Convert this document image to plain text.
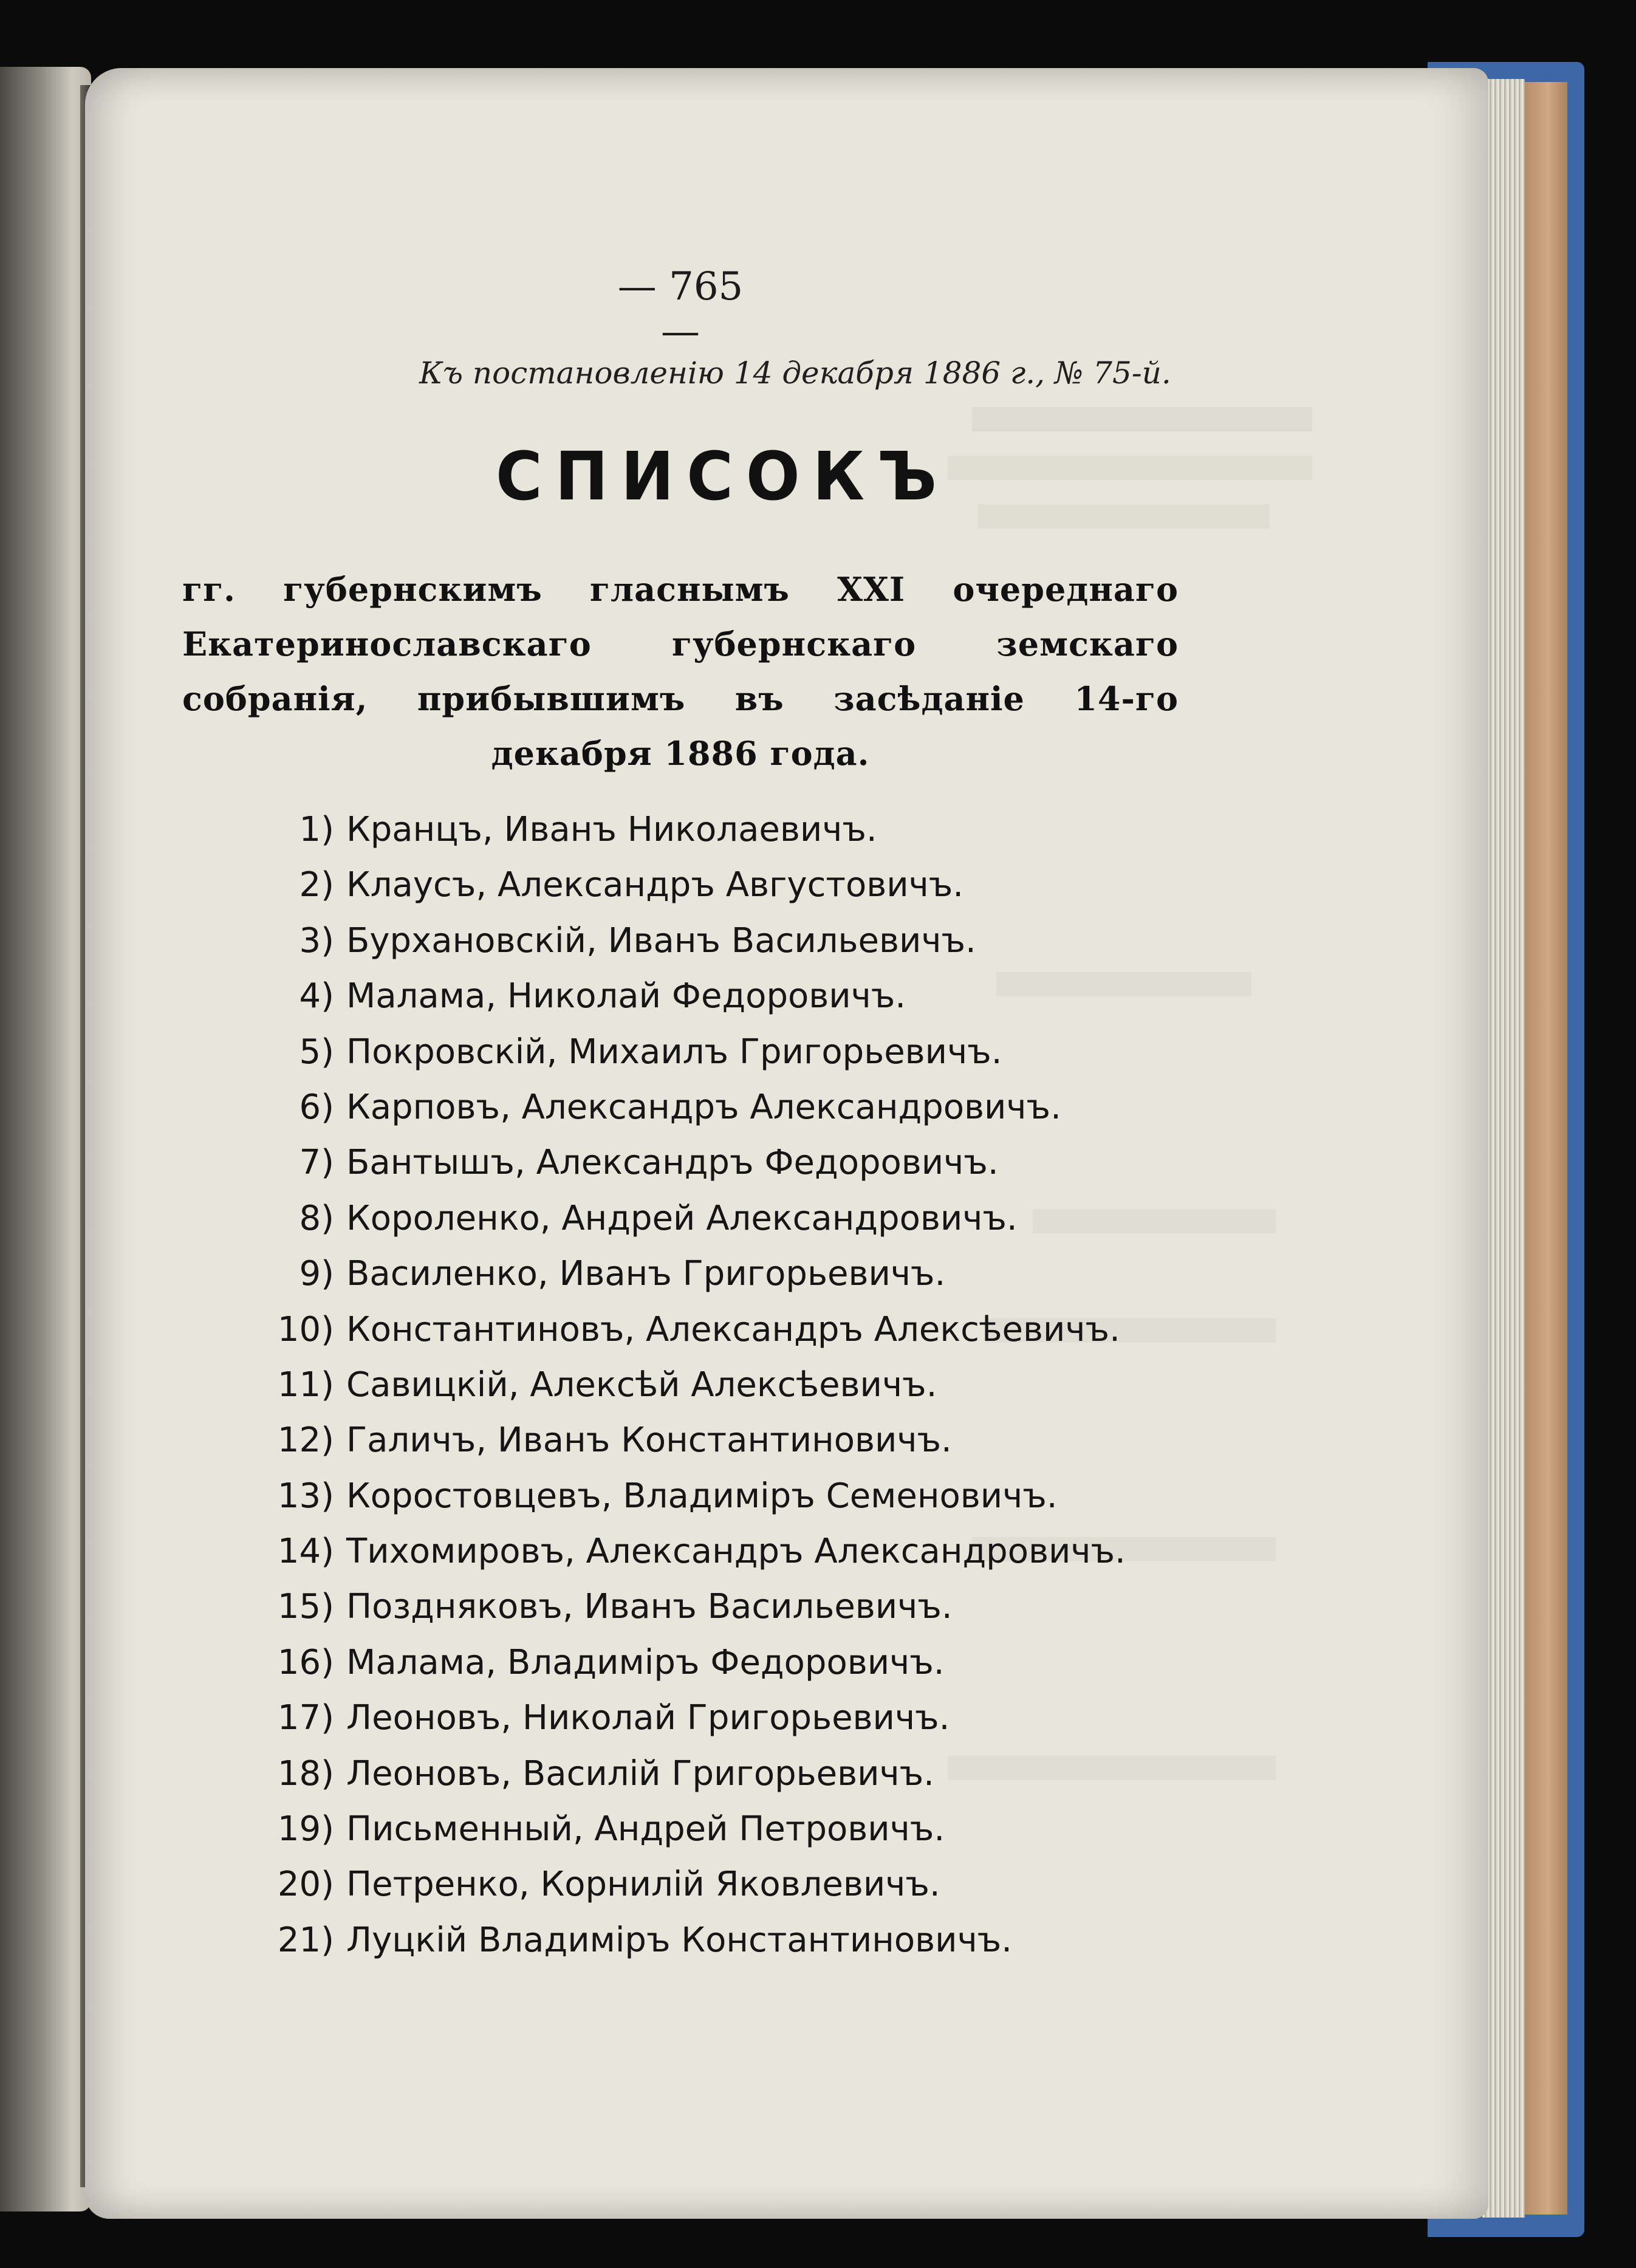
— 765 —
Къ постановленію 14 декабря 1886 г., № 75-й.
СПИСОКЪ
гг. губернскимъ гласнымъ XXI очереднаго Екатеринославскаго губернскаго земскаго собранія, прибывшимъ въ засѣданіе 14-го декабря 1886 года.
1) Кранцъ, Иванъ Николаевичъ.
2) Клаусъ, Александръ Августовичъ.
3) Бурхановскій, Иванъ Васильевичъ.
4) Малама, Николай Федоровичъ.
5) Покровскій, Михаилъ Григорьевичъ.
6) Карповъ, Александръ Александровичъ.
7) Бантышъ, Александръ Федоровичъ.
8) Короленко, Андрей Александровичъ.
9) Василенко, Иванъ Григорьевичъ.
10) Константиновъ, Александръ Алексѣевичъ.
11) Савицкій, Алексѣй Алексѣевичъ.
12) Галичъ, Иванъ Константиновичъ.
13) Коростовцевъ, Владиміръ Семеновичъ.
14) Тихомировъ, Александръ Александровичъ.
15) Поздняковъ, Иванъ Васильевичъ.
16) Малама, Владиміръ Федоровичъ.
17) Леоновъ, Николай Григорьевичъ.
18) Леоновъ, Василій Григорьевичъ.
19) Письменный, Андрей Петровичъ.
20) Петренко, Корнилій Яковлевичъ.
21) Луцкій Владиміръ Константиновичъ.
